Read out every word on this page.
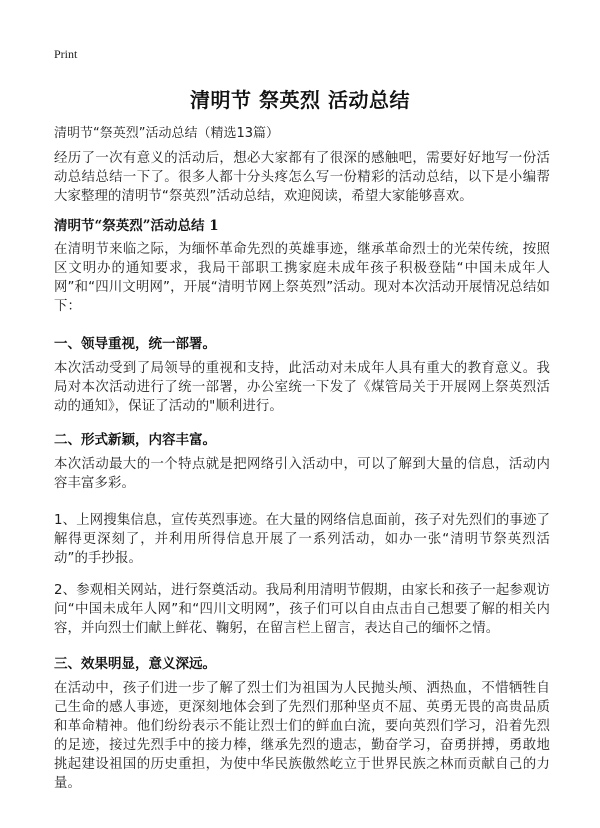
Print
清明节 祭英烈 活动总结
清明节“祭英烈”活动总结（精选13篇）

经历了一次有意义的活动后，想必大家都有了很深的感触吧，需要好好地写一份活动总结总结一下了。很多人都十分头疼怎么写一份精彩的活动总结，以下是小编帮大家整理的清明节“祭英烈”活动总结，欢迎阅读，希望大家能够喜欢。

清明节“祭英烈”活动总结 1

在清明节来临之际，为缅怀革命先烈的英雄事迹，继承革命烈士的光荣传统，按照区文明办的通知要求，我局干部职工携家庭未成年孩子积极登陆“中国未成年人网”和“四川文明网”，开展“清明节网上祭英烈”活动。现对本次活动开展情况总结如下：

一、领导重视，统一部署。

本次活动受到了局领导的重视和支持，此活动对未成年人具有重大的教育意义。我局对本次活动进行了统一部署，办公室统一下发了《煤管局关于开展网上祭英烈活动的通知》，保证了活动的"顺利进行。

二、形式新颖，内容丰富。

本次活动最大的一个特点就是把网络引入活动中，可以了解到大量的信息，活动内容丰富多彩。

1、上网搜集信息，宣传英烈事迹。在大量的网络信息面前，孩子对先烈们的事迹了解得更深刻了，并利用所得信息开展了一系列活动，如办一张“清明节祭英烈活动”的手抄报。

2、参观相关网站，进行祭奠活动。我局利用清明节假期，由家长和孩子一起参观访问“中国未成年人网”和“四川文明网”，孩子们可以自由点击自己想要了解的相关内容，并向烈士们献上鲜花、鞠躬，在留言栏上留言，表达自己的缅怀之情。

三、效果明显，意义深远。

在活动中，孩子们进一步了解了烈士们为祖国为人民抛头颅、洒热血，不惜牺牲自己生命的感人事迹，更深刻地体会到了先烈们那种坚贞不屈、英勇无畏的高贵品质和革命精神。他们纷纷表示不能让烈士们的鲜血白流，要向英烈们学习，沿着先烈的足迹，接过先烈手中的接力棒，继承先烈的遗志，勤奋学习，奋勇拼搏，勇敢地挑起建设祖国的历史重担，为使中华民族傲然屹立于世界民族之林而贡献自己的力量。
